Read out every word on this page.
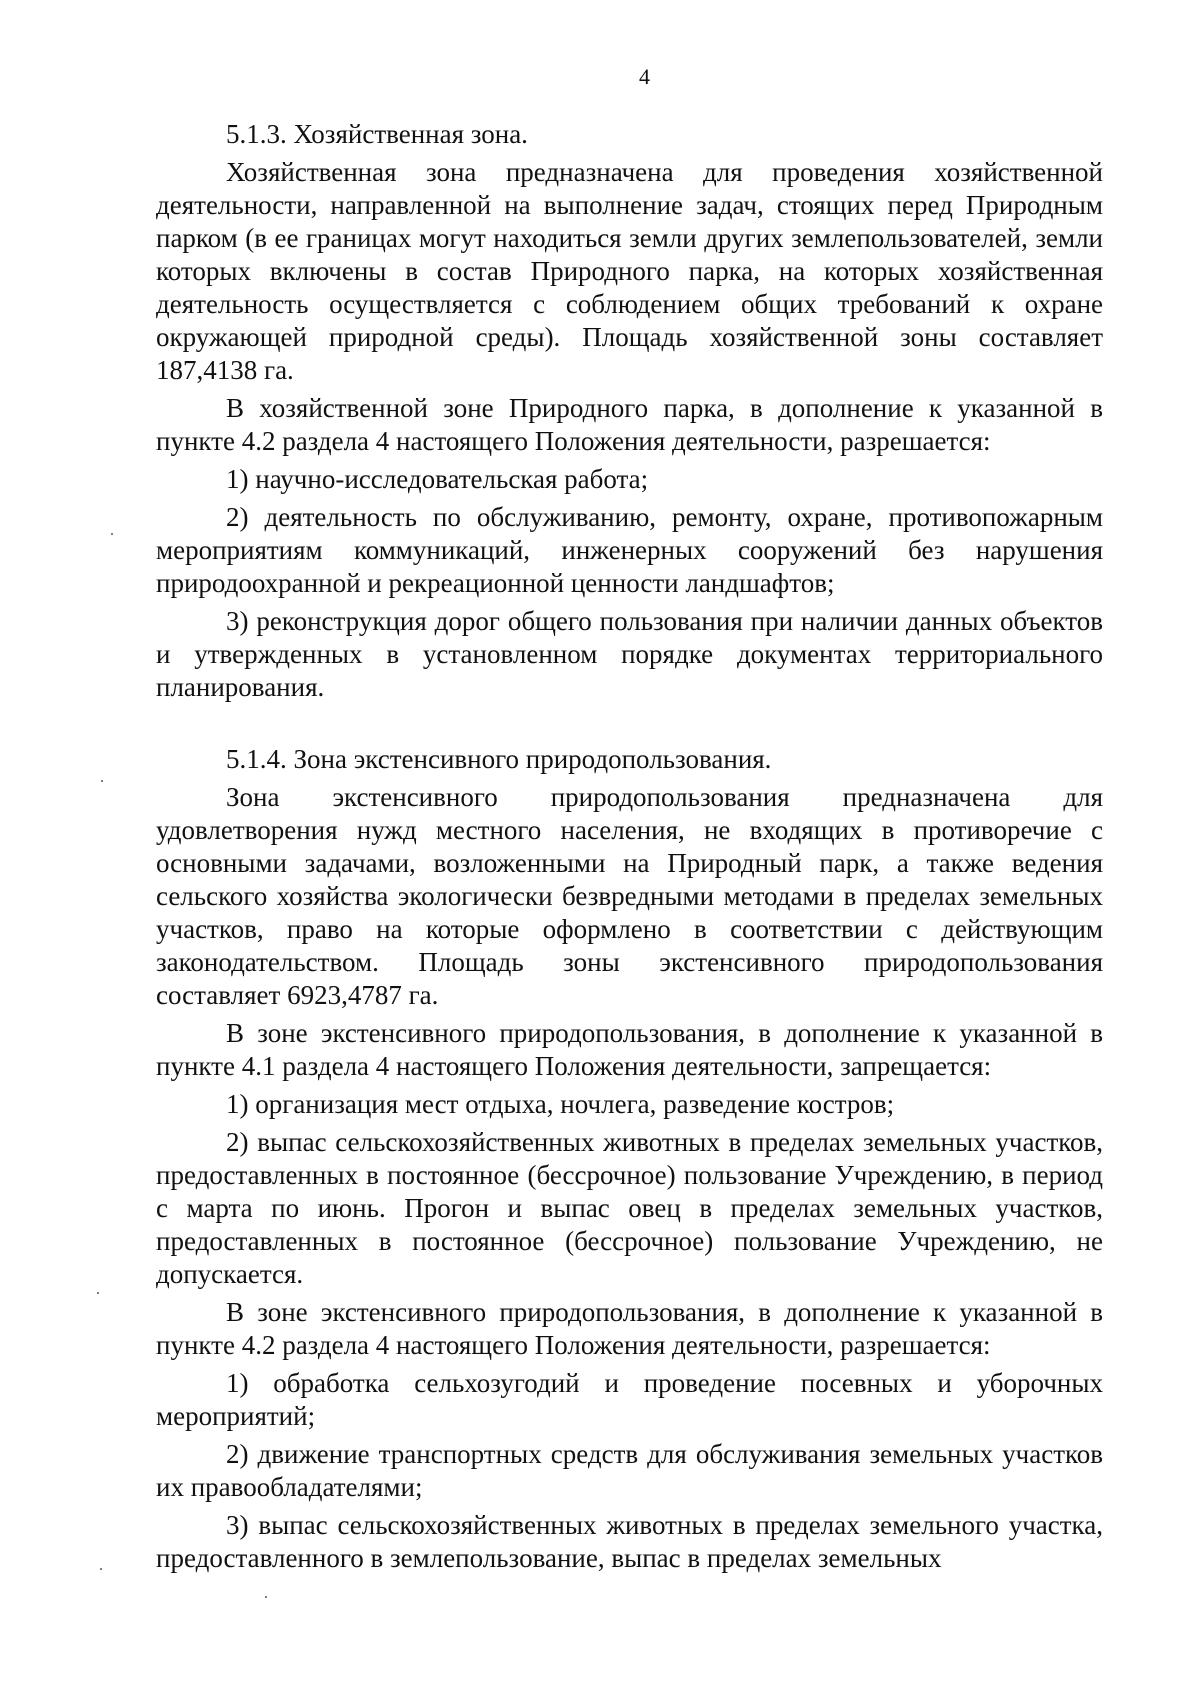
4

5.1.3. Хозяйственная зона.

Хозяйственная зона предназначена для проведения хозяйственной деятельности, направленной на выполнение задач, стоящих перед Природным парком (в ее границах могут находиться земли других землепользователей, земли которых включены в состав Природного парка, на которых хозяйственная деятельность осуществляется с соблюдением общих требований к охране окружающей природной среды). Площадь хозяйственной зоны составляет 187,4138 га.

В хозяйственной зоне Природного парка, в дополнение к указанной в пункте 4.2 раздела 4 настоящего Положения деятельности, разрешается:

1) научно-исследовательская работа;

2) деятельность по обслуживанию, ремонту, охране, противопожарным мероприятиям коммуникаций, инженерных сооружений без нарушения природоохранной и рекреационной ценности ландшафтов;

3) реконструкция дорог общего пользования при наличии данных объектов и утвержденных в установленном порядке документах территориального планирования.

5.1.4. Зона экстенсивного природопользования.

Зона экстенсивного природопользования предназначена для удовлетворения нужд местного населения, не входящих в противоречие с основными задачами, возложенными на Природный парк, а также ведения сельского хозяйства экологически безвредными методами в пределах земельных участков, право на которые оформлено в соответствии с действующим законодательством. Площадь зоны экстенсивного природопользования составляет 6923,4787 га.

В зоне экстенсивного природопользования, в дополнение к указанной в пункте 4.1 раздела 4 настоящего Положения деятельности, запрещается:

1) организация мест отдыха, ночлега, разведение костров;

2) выпас сельскохозяйственных животных в пределах земельных участков, предоставленных в постоянное (бессрочное) пользование Учреждению, в период с марта по июнь. Прогон и выпас овец в пределах земельных участков, предоставленных в постоянное (бессрочное) пользование Учреждению, не допускается.

В зоне экстенсивного природопользования, в дополнение к указанной в пункте 4.2 раздела 4 настоящего Положения деятельности, разрешается:

1) обработка сельхозугодий и проведение посевных и уборочных мероприятий;

2) движение транспортных средств для обслуживания земельных участков их правообладателями;

3) выпас сельскохозяйственных животных в пределах земельного участка, предоставленного в землепользование, выпас в пределах земельных
